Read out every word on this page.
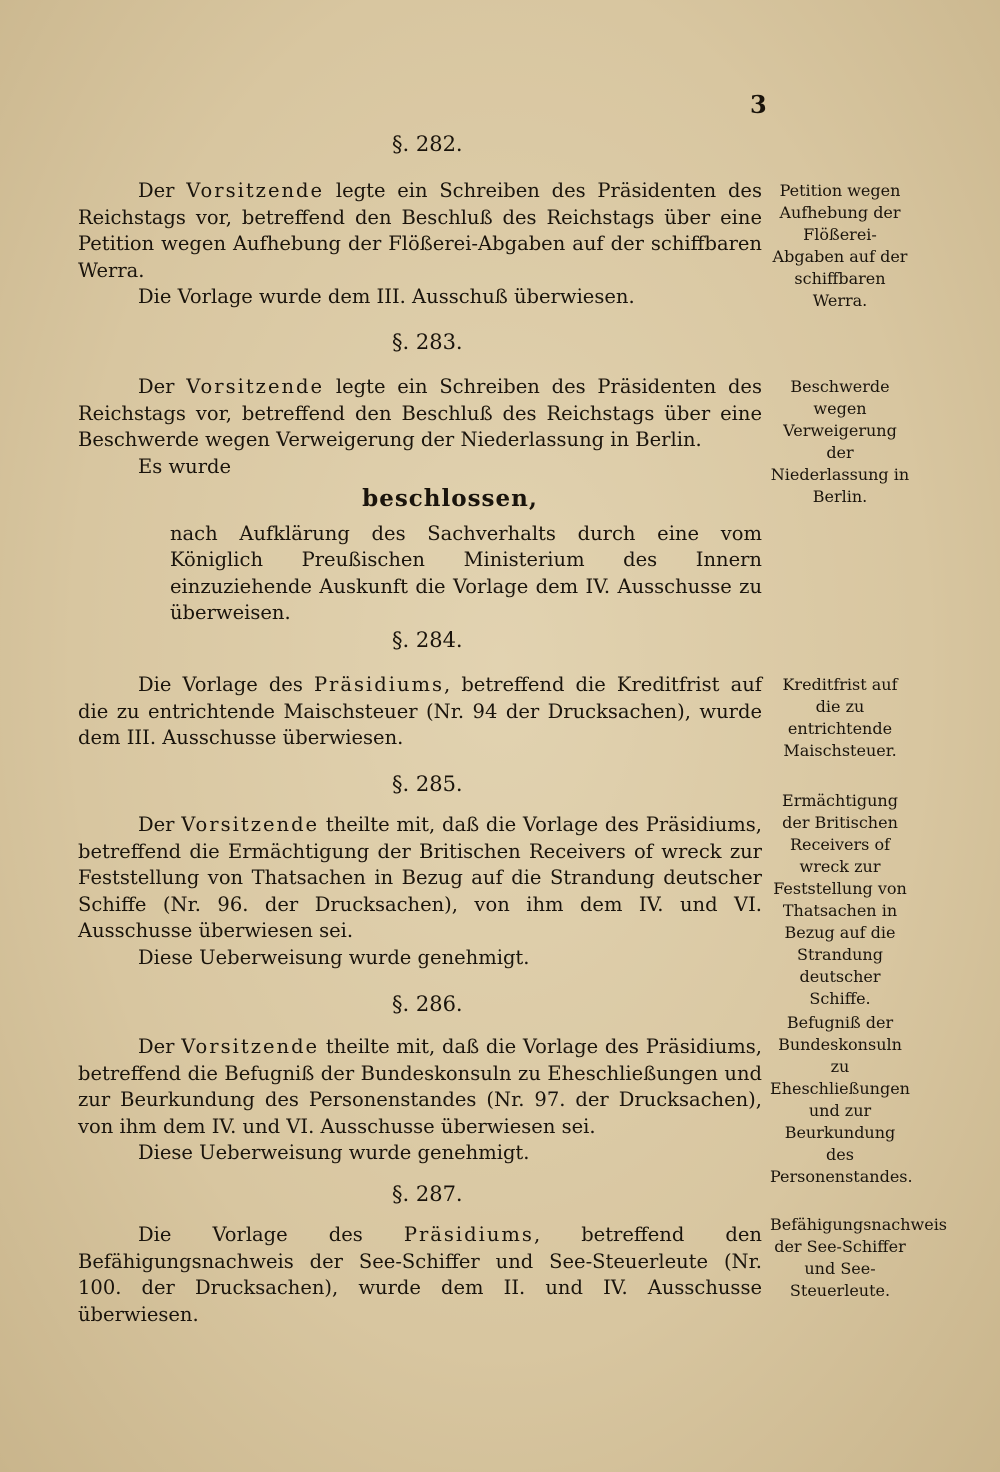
3
§. 282.

Der Vorsitzende legte ein Schreiben des Präsidenten des Reichstags vor, betreffend den Beschluß des Reichstags über eine Petition wegen Aufhebung der Flößerei-Abgaben auf der schiffbaren Werra.

Die Vorlage wurde dem III. Ausschuß überwiesen.

Petition wegen Aufhebung der Flößerei-Abgaben auf der schiffbaren Werra.
§. 283.

Der Vorsitzende legte ein Schreiben des Präsidenten des Reichstags vor, betreffend den Beschluß des Reichstags über eine Beschwerde wegen Verweigerung der Niederlassung in Berlin.

Es wurde

beschlossen,

nach Aufklärung des Sachverhalts durch eine vom Königlich Preußischen Ministerium des Innern einzuziehende Auskunft die Vorlage dem IV. Ausschusse zu überweisen.

Beschwerde wegen Verweigerung der Niederlassung in Berlin.
§. 284.

Die Vorlage des Präsidiums, betreffend die Kreditfrist auf die zu entrichtende Maischsteuer (Nr. 94 der Drucksachen), wurde dem III. Ausschusse überwiesen.

Kreditfrist auf die zu entrichtende Maischsteuer.
§. 285.

Der Vorsitzende theilte mit, daß die Vorlage des Präsidiums, betreffend die Ermächtigung der Britischen Receivers of wreck zur Feststellung von Thatsachen in Bezug auf die Strandung deutscher Schiffe (Nr. 96. der Drucksachen), von ihm dem IV. und VI. Ausschusse überwiesen sei.

Diese Ueberweisung wurde genehmigt.

Ermächtigung der Britischen Receivers of wreck zur Feststellung von Thatsachen in Bezug auf die Strandung deutscher Schiffe.
§. 286.

Der Vorsitzende theilte mit, daß die Vorlage des Präsidiums, betreffend die Befugniß der Bundeskonsuln zu Eheschließungen und zur Beurkundung des Personenstandes (Nr. 97. der Drucksachen), von ihm dem IV. und VI. Ausschusse überwiesen sei.

Diese Ueberweisung wurde genehmigt.

Befugniß der Bundeskonsuln zu Eheschließungen und zur Beurkundung des Personenstandes.
§. 287.

Die Vorlage des Präsidiums, betreffend den Befähigungsnachweis der See-Schiffer und See-Steuerleute (Nr. 100. der Drucksachen), wurde dem II. und IV. Ausschusse überwiesen.

Befähigungsnachweis der See-Schiffer und See-Steuerleute.
